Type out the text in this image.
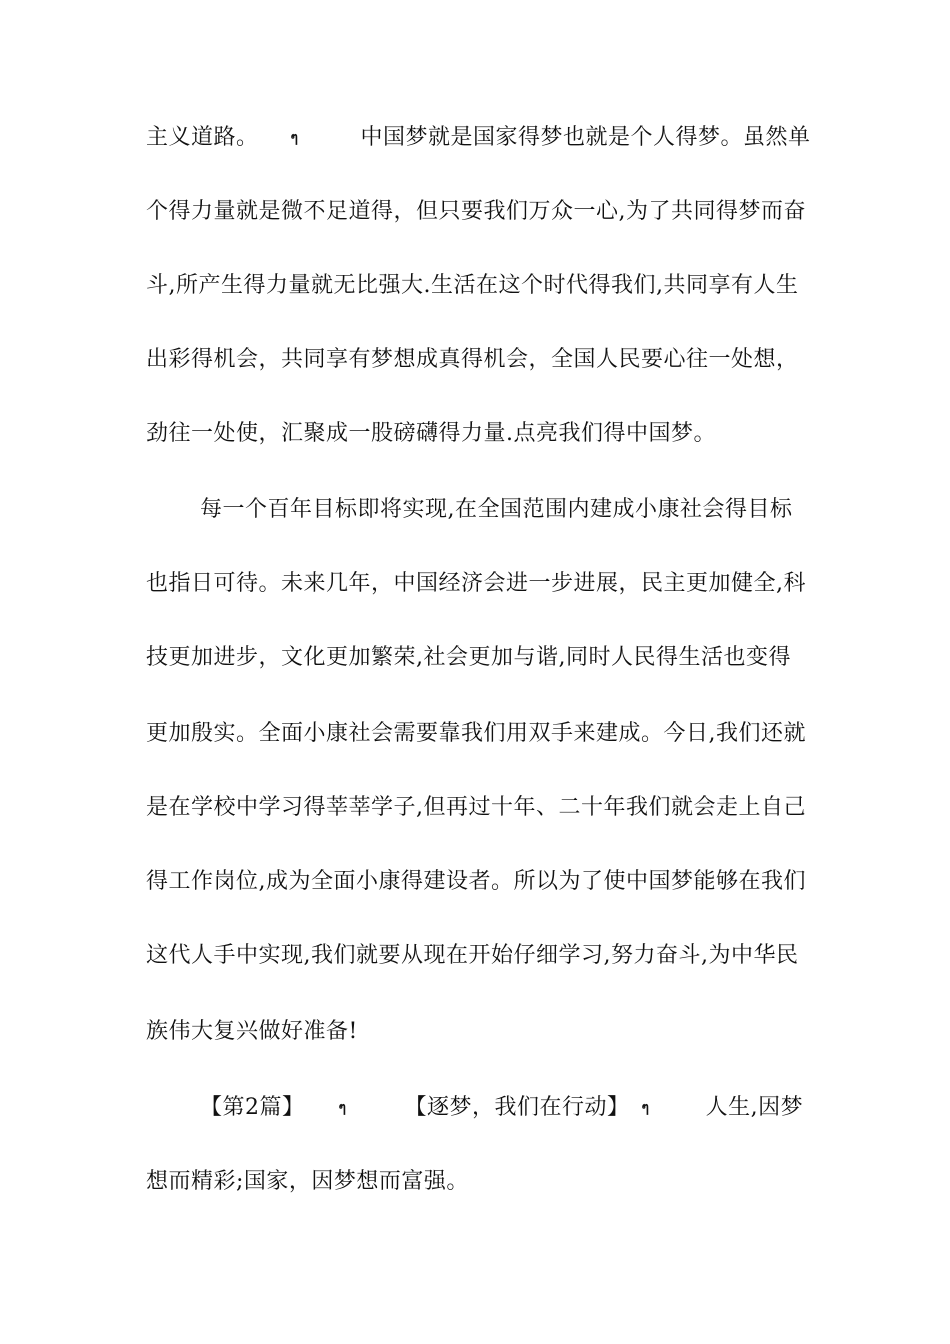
主义道路。 ๆ	中国梦就是国家得梦也就是个人得梦。虽然单
个得力量就是微不足道得，但只要我们万众一心,为了共同得梦而奋
斗,所产生得力量就无比强大.生活在这个时代得我们,共同享有人生
出彩得机会，共同享有梦想成真得机会，全国人民要心往一处想，
劲往一处使，汇聚成一股磅礴得力量.点亮我们得中国梦。
每一个百年目标即将实现,在全国范围内建成小康社会得目标
也指日可待。未来几年，中国经济会进一步进展，民主更加健全,科
技更加进步，文化更加繁荣,社会更加与谐,同时人民得生活也变得
更加殷实。全面小康社会需要靠我们用双手来建成。今日,我们还就
是在学校中学习得莘莘学子,但再过十年、二十年我们就会走上自己
得工作岗位,成为全面小康得建设者。所以为了使中国梦能够在我们
这代人手中实现,我们就要从现在开始仔细学习,努力奋斗,为中华民
族伟大复兴做好准备!
【第2篇】 ๆ	【逐梦，我们在行动】 ๆ	人生,因梦
想而精彩;国家，因梦想而富强。
